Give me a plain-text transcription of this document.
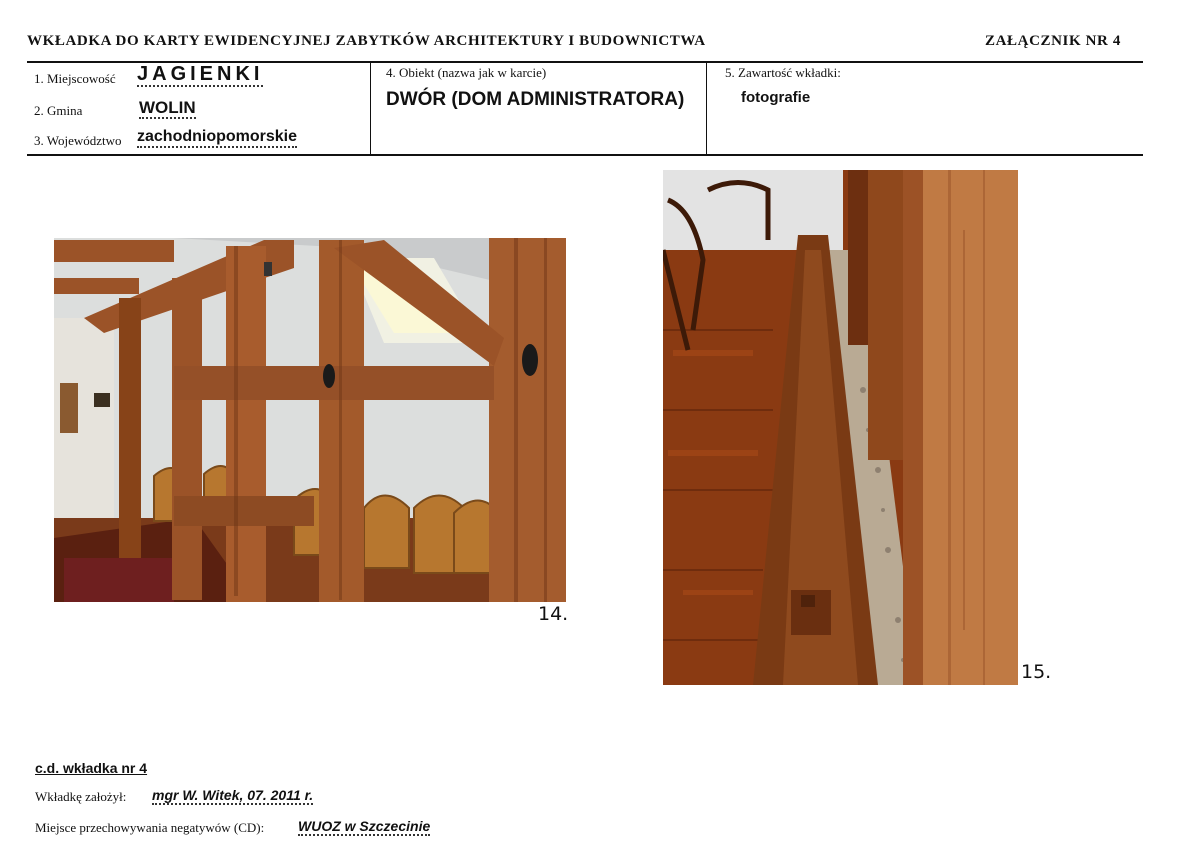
WKŁADKA DO KARTY EWIDENCYJNEJ ZABYTKÓW ARCHITEKTURY I BUDOWNICTWA	ZAŁĄCZNIK NR 4
1. Miejscowość JAGIENKI
2. Gmina	WOLIN
3. Województwo zachodniopomorskie
4. Obiekt (nazwa jak w karcie)
DWÓR (DOM ADMINISTRATORA)
5. Zawartość wkładki:
fotografie
14.
15.
c.d. wkładka nr 4
Wkładkę założył: mgr W. Witek, 07. 2011 r.
Miejsce przechowywania negatywów (CD): WUOZ w Szczecinie
